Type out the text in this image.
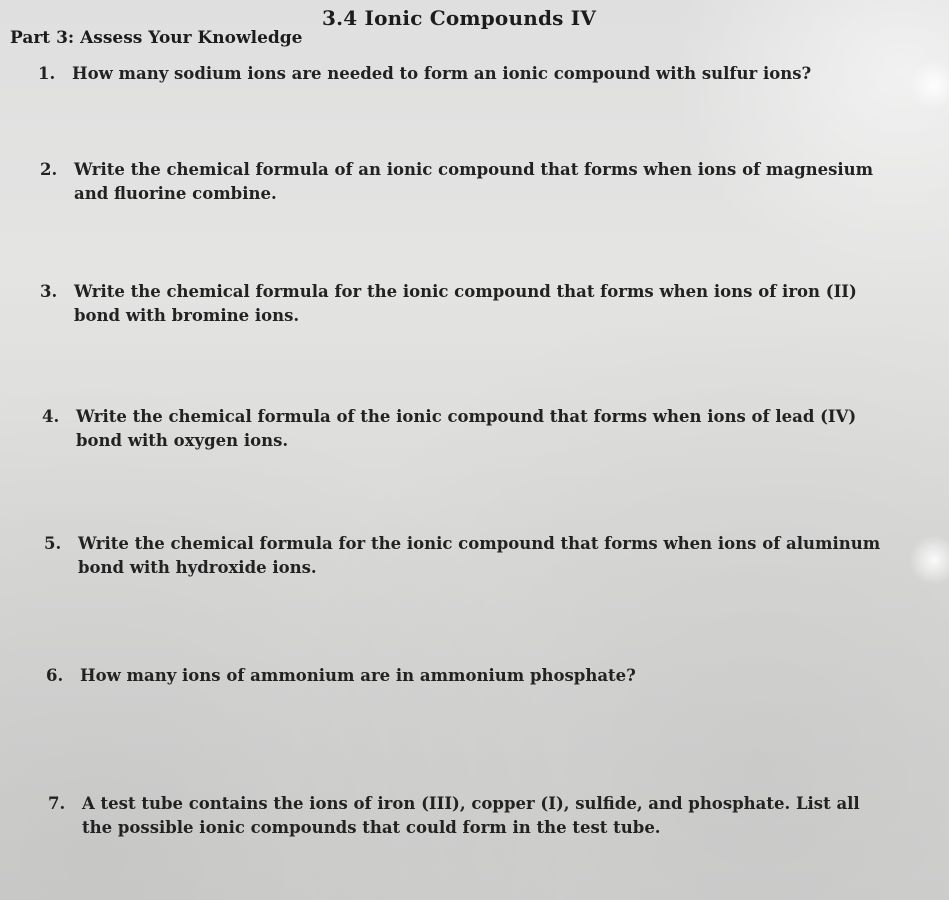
3.4 Ionic Compounds IV
Part 3: Assess Your Knowledge
1. How many sodium ions are needed to form an ionic compound with sulfur ions?
2. Write the chemical formula of an ionic compound that forms when ions of magnesium and fluorine combine.
3. Write the chemical formula for the ionic compound that forms when ions of iron (II) bond with bromine ions.
4. Write the chemical formula of the ionic compound that forms when ions of lead (IV) bond with oxygen ions.
5. Write the chemical formula for the ionic compound that forms when ions of aluminum bond with hydroxide ions.
6. How many ions of ammonium are in ammonium phosphate?
7. A test tube contains the ions of iron (III), copper (I), sulfide, and phosphate. List all the possible ionic compounds that could form in the test tube.
